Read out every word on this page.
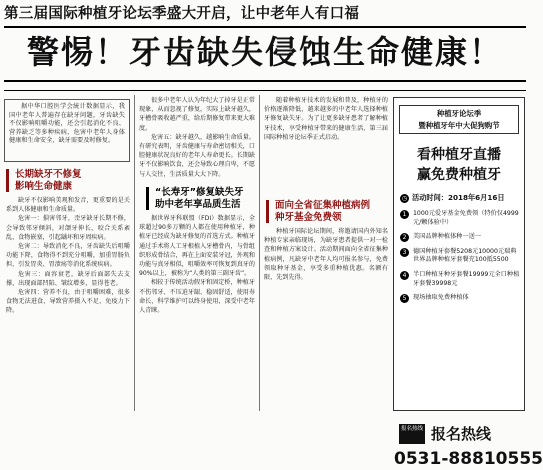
第三届国际种植牙论坛季盛大开启，让中老年人有口福
警惕！牙齿缺失侵蚀生命健康！
据中华口腔医学会統计数据显示，我国中老年人普遍存在缺牙问题，牙齿缺失不仅影响咀嚼功能，还会引起消化不良、营养缺乏等多种疾病，危害中老年人身体健康和生命安全，缺牙需要及时修复。
长期缺牙不修复
影响生命健康

缺牙不仅影响美观和发音，更重要的是关系到人体健康和生命质量。

危害一：損害邻牙，歪牙缺牙长期不修，会导致邻牙倾斜，对颌牙伸长，咬合关系紊乱，食物嵌塞，引起龋坏和牙周疾病。

危害二：导致消化不良，牙齿缺失后咀嚼功能下降，食物得不到充分咀嚼，加重胃肠负担，引发胃炎、胃溃疡等消化系统疾病。

危害三：面容衰老，缺牙后面部失去支撑，出现面部凹陷、皱纹增多，显得苍老。

危害四：营养不良，由于咀嚼困难，很多食物无法进食，导致营养摄入不足，免疫力下降。

很多中老年人认为年纪大了掉牙是正常现象，从而忽视了修复，实际上缺牙越久，牙槽骨吸收越严重，给后期修复带来更大难度。

危害五：缺牙越久，越影响生命质量。有研究表明，牙齿健康与寿命密切相关，口腔健康状况良好的老年人寿命更长。长期缺牙不仅影响饮食，还会导致心理自卑，不愿与人交往，生活质量大大下降。

“长寿牙”修复缺失牙
助中老年享品质生活

据世界牙科联盟（FDI）数据显示，全球超过90多万颗的人都在使用种植牙，种植牙已经成为缺牙修复的首选方式。种植牙通过手术将人工牙根植入牙槽骨内，与骨组织形成骨结合，再在上面安装牙冠，外观和功能与真牙相似，咀嚼效率可恢复到真牙的90%以上，被称为“人类的第三副牙齿”。

相较于传统活动假牙和固定桥，种植牙不伤邻牙、不压迫牙龈、稳固舒适，使用寿命长，科学维护可以终身使用，深受中老年人青睐。

随着种植牙技术的发展和普及，种植牙的价格逐渐降低，越来越多的中老年人选择种植牙修复缺失牙。为了让更多缺牙患者了解种植牙技术，享受种植牙带来的健康生活，第三届国际种植牙论坛季正式启动。

面向全省征集种植病例
种牙基金免费领

种植牙国际论坛期间，将邀请国内外知名种植专家亲临现场，为缺牙患者提供一对一检查和种植方案设计。活动期间面向全省征集种植病例，凡缺牙中老年人均可报名参与，免费领取种牙基金，享受多重种植优惠。名额有限，先到先得。

种植牙论坛季
暨种植牙年中大促狗购节
看种植牙直播
赢免费种植牙
◷ 活动时间：2018年6月16日
1	1000元爱牙基金免费领（特价仅4999元/颗体验中）
2	美国品牌种植体种一送一
3	德国种植牙套餐5208元10000元瑞典世界品牌种植牙套餐充100抵5500
4	半口种植牙种牙套餐19999元全口种植牙套餐39998元
5	现场抽取免费种植体
报名热线 报名热线
0531-88810555
